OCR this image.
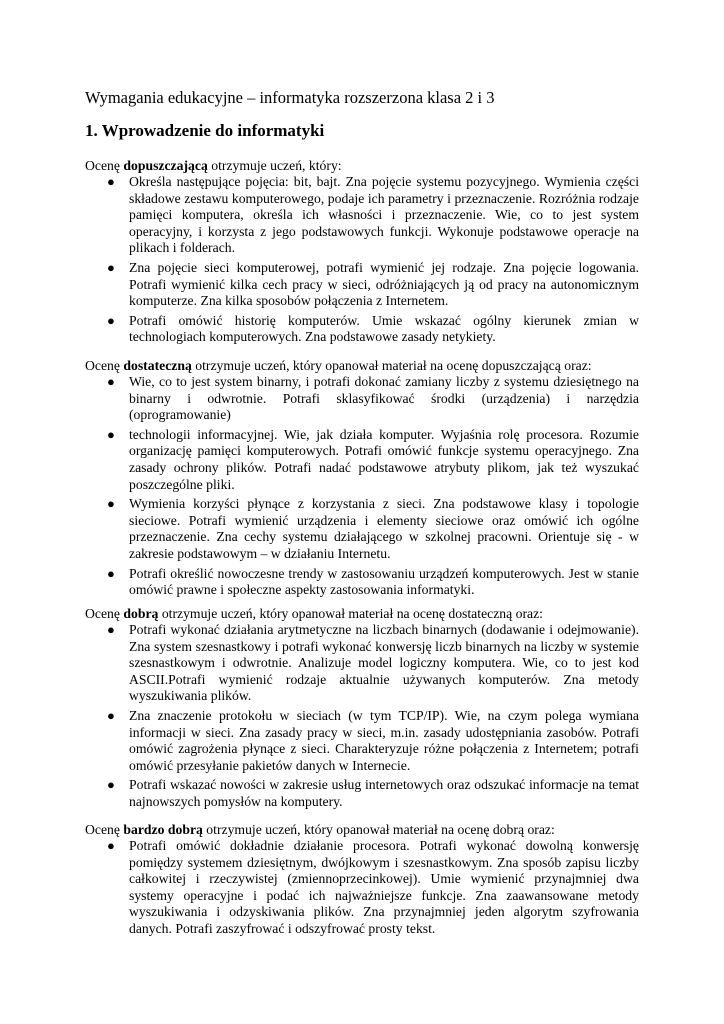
Wymagania edukacyjne – informatyka rozszerzona klasa 2 i 3
1. Wprowadzenie do informatyki

Ocenę dopuszczającą otrzymuje uczeń, który:

● Określa następujące pojęcia: bit, bajt. Zna pojęcie systemu pozycyjnego. Wymienia części składowe zestawu komputerowego, podaje ich parametry i przeznaczenie. Rozróżnia rodzaje pamięci komputera, określa ich własności i przeznaczenie. Wie, co to jest system operacyjny, i korzysta z jego podstawowych funkcji. Wykonuje podstawowe operacje na plikach i folderach.
● Zna pojęcie sieci komputerowej, potrafi wymienić jej rodzaje. Zna pojęcie logowania. Potrafi wymienić kilka cech pracy w sieci, odróżniających ją od pracy na autonomicznym komputerze. Zna kilka sposobów połączenia z Internetem.
● Potrafi omówić historię komputerów. Umie wskazać ogólny kierunek zmian w technologiach komputerowych. Zna podstawowe zasady netykiety.

Ocenę dostateczną otrzymuje uczeń, który opanował materiał na ocenę dopuszczającą oraz:

● Wie, co to jest system binarny, i potrafi dokonać zamiany liczby z systemu dziesiętnego na binarny i odwrotnie. Potrafi sklasyfikować środki (urządzenia) i narzędzia (oprogramowanie)
● technologii informacyjnej. Wie, jak działa komputer. Wyjaśnia rolę procesora. Rozumie organizację pamięci komputerowych. Potrafi omówić funkcje systemu operacyjnego. Zna zasady ochrony plików. Potrafi nadać podstawowe atrybuty plikom, jak też wyszukać poszczególne pliki.
● Wymienia korzyści płynące z korzystania z sieci. Zna podstawowe klasy i topologie sieciowe. Potrafi wymienić urządzenia i elementy sieciowe oraz omówić ich ogólne przeznaczenie. Zna cechy systemu działającego w szkolnej pracowni. Orientuje się - w zakresie podstawowym – w działaniu Internetu.
● Potrafi określić nowoczesne trendy w zastosowaniu urządzeń komputerowych. Jest w stanie omówić prawne i społeczne aspekty zastosowania informatyki.

Ocenę dobrą otrzymuje uczeń, który opanował materiał na ocenę dostateczną oraz:

● Potrafi wykonać działania arytmetyczne na liczbach binarnych (dodawanie i odejmowanie). Zna system szesnastkowy i potrafi wykonać konwersję liczb binarnych na liczby w systemie szesnastkowym i odwrotnie. Analizuje model logiczny komputera. Wie, co to jest kod ASCII.Potrafi wymienić rodzaje aktualnie używanych komputerów. Zna metody wyszukiwania plików.
● Zna znaczenie protokołu w sieciach (w tym TCP/IP). Wie, na czym polega wymiana informacji w sieci. Zna zasady pracy w sieci, m.in. zasady udostępniania zasobów. Potrafi omówić zagrożenia płynące z sieci. Charakteryzuje różne połączenia z Internetem; potrafi omówić przesyłanie pakietów danych w Internecie.
● Potrafi wskazać nowości w zakresie usług internetowych oraz odszukać informacje na temat najnowszych pomysłów na komputery.

Ocenę bardzo dobrą otrzymuje uczeń, który opanował materiał na ocenę dobrą oraz:

● Potrafi omówić dokładnie działanie procesora. Potrafi wykonać dowolną konwersję pomiędzy systemem dziesiętnym, dwójkowym i szesnastkowym. Zna sposób zapisu liczby całkowitej i rzeczywistej (zmiennoprzecinkowej). Umie wymienić przynajmniej dwa systemy operacyjne i podać ich najważniejsze funkcje. Zna zaawansowane metody wyszukiwania i odzyskiwania plików. Zna przynajmniej jeden algorytm szyfrowania danych. Potrafi zaszyfrować i odszyfrować prosty tekst.
